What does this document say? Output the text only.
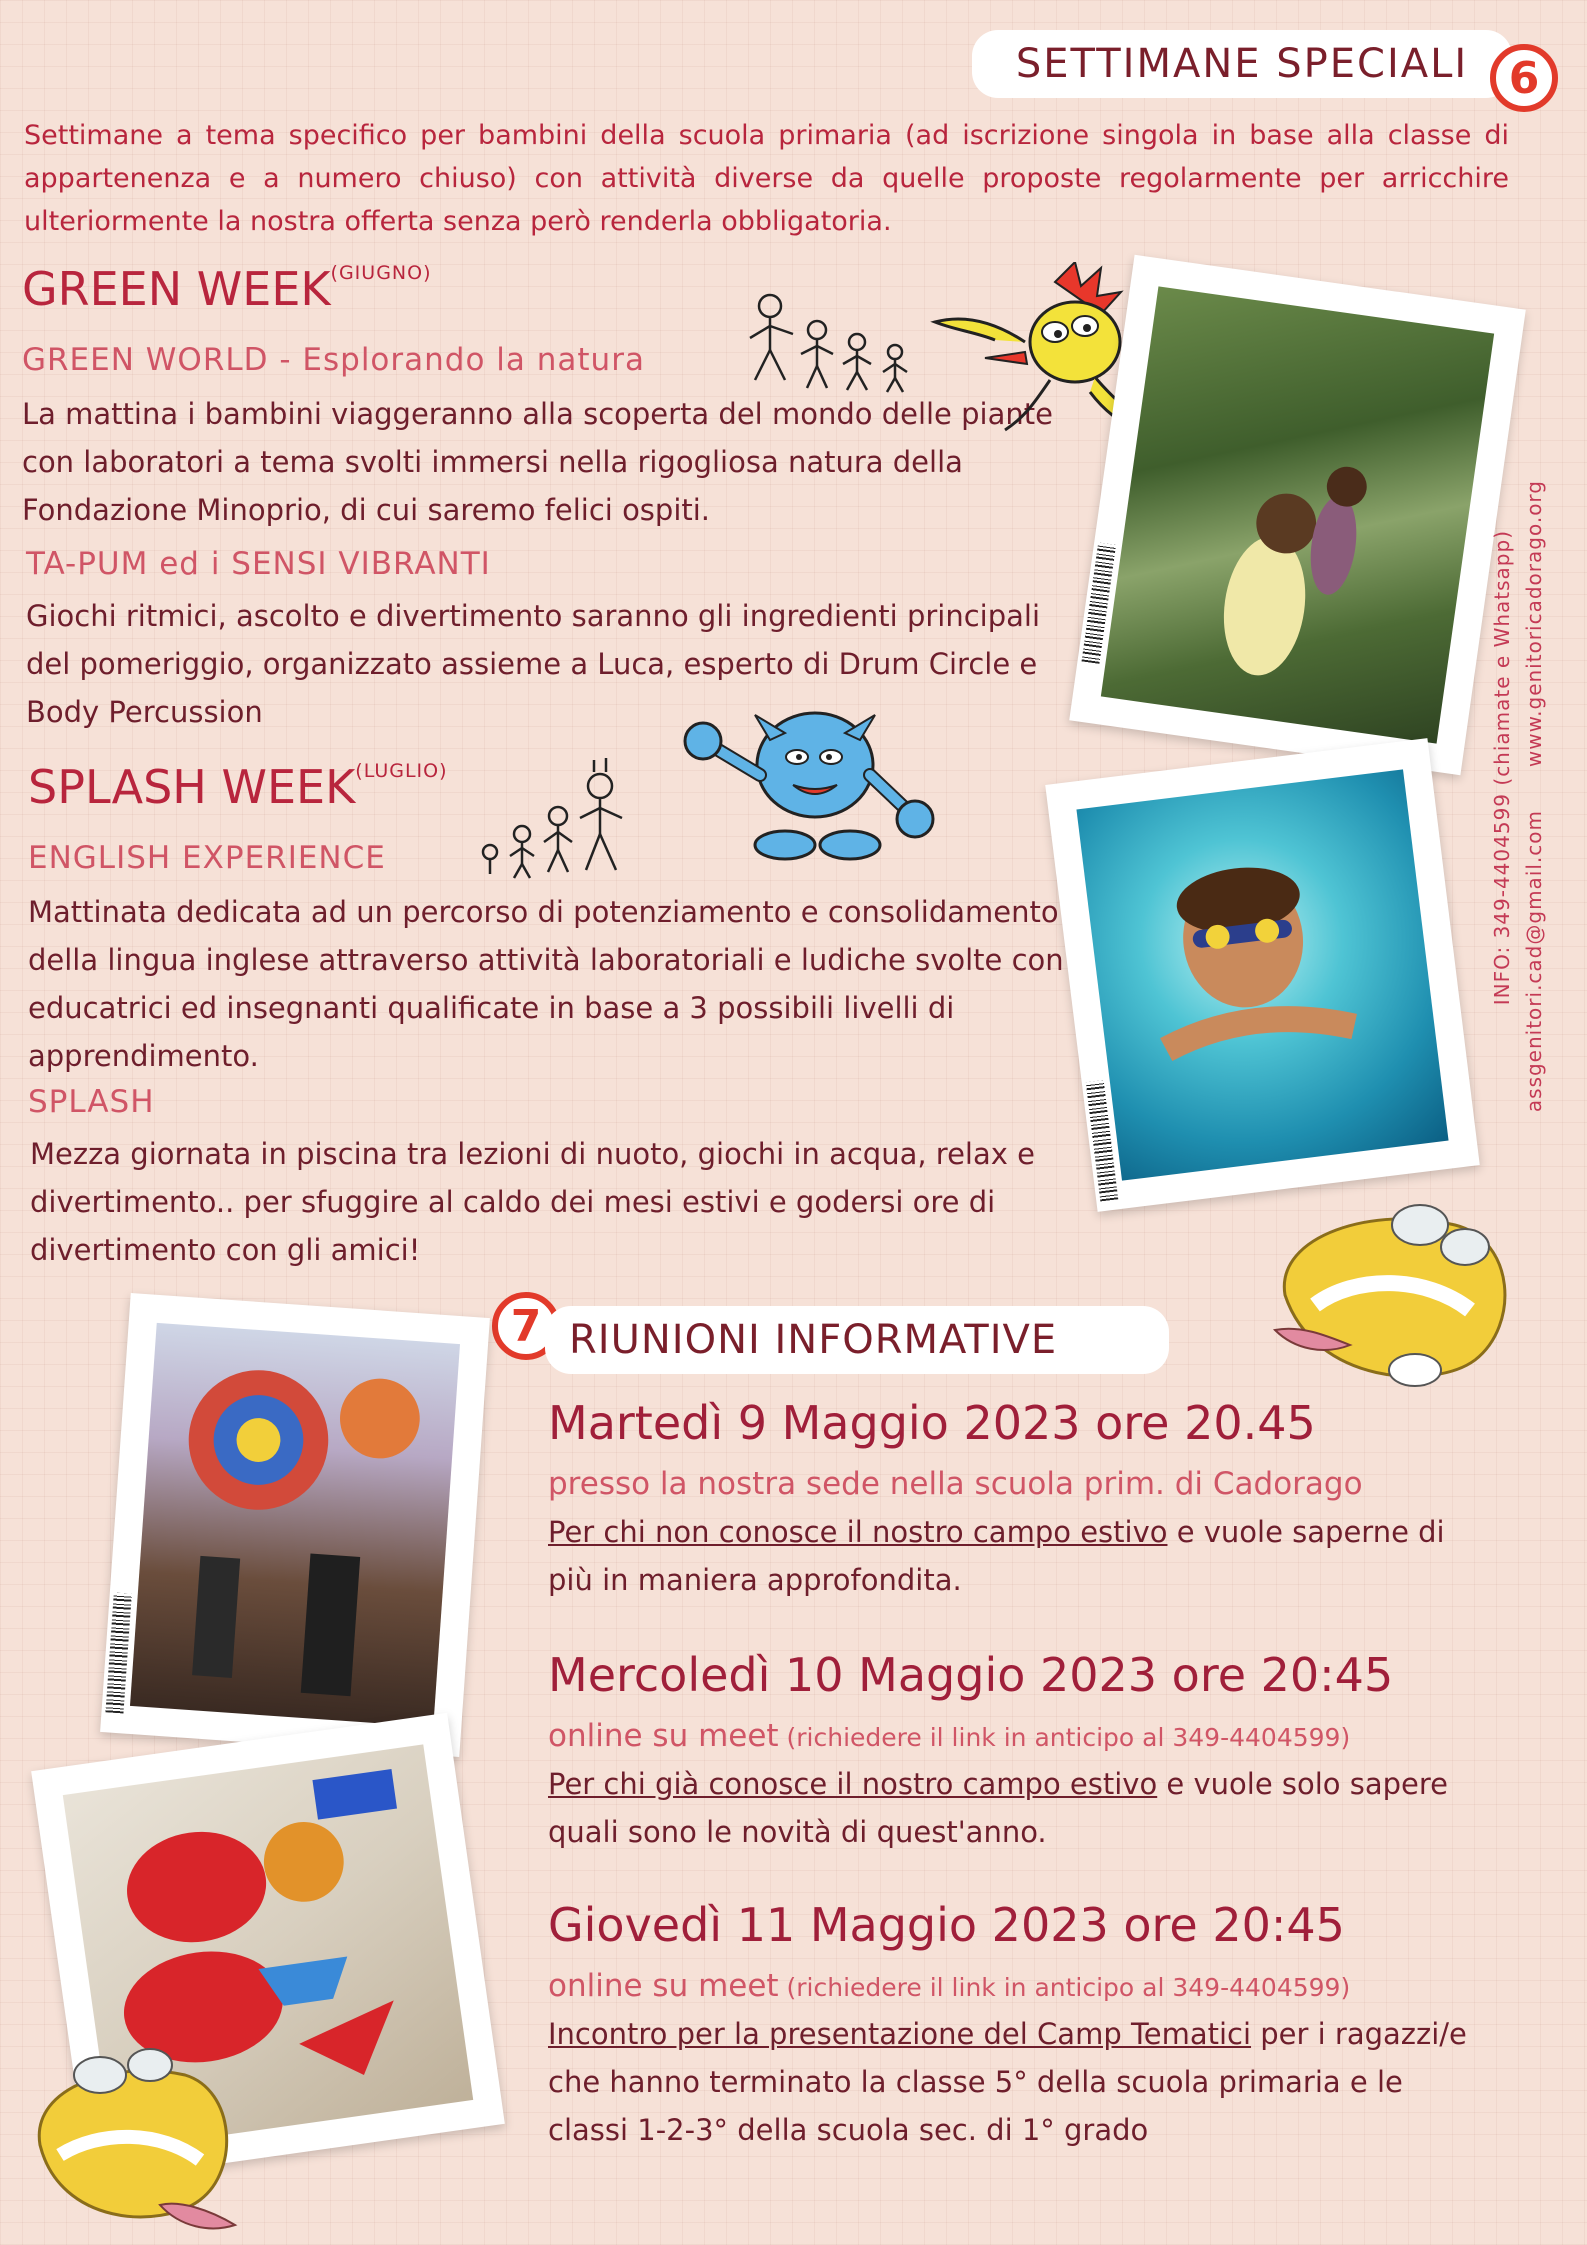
SETTIMANE SPECIALI 6

Settimane a tema specifico per bambini della scuola primaria (ad iscrizione singola in base alla classe di appartenenza e a numero chiuso) con attività diverse da quelle proposte regolarmente per arricchire ulteriormente la nostra offerta senza però renderla obbligatoria.

GREEN $WEEK^{(GIUGNO)}$
GREEN WORLD - Esplorando la natura

La mattina i bambini viaggeranno alla scoperta del mondo delle piante con laboratori a tema svolti immersi nella rigogliosa natura della Fondazione Minoprio, di cui saremo felici ospiti.

TA-PUM ed i SENSI VIBRANTI

Giochi ritmici, ascolto e divertimento saranno gli ingredienti principali del pomeriggio, organizzato assieme a Luca, esperto di Drum Circle e Body Percussion

SPLASH $WEEK^{(LUGLIO)}$
ENGLISH EXPERIENCE

Mattinata dedicata ad un percorso di potenziamento e consolidamento della lingua inglese attraverso attività laboratoriali e ludiche svolte con educatrici ed insegnanti qualificate in base a 3 possibili livelli di apprendimento.

SPLASH

Mezza giornata in piscina tra lezioni di nuoto, giochi in acqua, relax e divertimento.. per sfuggire al caldo dei mesi estivi e godersi ore di divertimento con gli amici!

INFO: 349-4404599 (chiamate e Whatsapp) assgenitori.cad@gmail.com
www.genitoricadorago.org
7 RIUNIONI INFORMATIVE
Martedì 9 Maggio 2023 ore 20.45
presso la nostra sede nella scuola prim. di Cadorago

Per chi non conosce il nostro campo estivo e vuole saperne di più in maniera approfondita.

Mercoledì 10 Maggio 2023 ore 20:45
online su meet (richiedere il link in anticipo al 349-4404599)

Per chi già conosce il nostro campo estivo e vuole solo sapere quali sono le novità di quest'anno.

Giovedì 11 Maggio 2023 ore 20:45
online su meet (richiedere il link in anticipo al 349-4404599)

Incontro per la presentazione del Camp Tematici per i ragazzi/e che hanno terminato la classe 5° della scuola primaria e le classi 1-2-3° della scuola sec. di 1° grado
